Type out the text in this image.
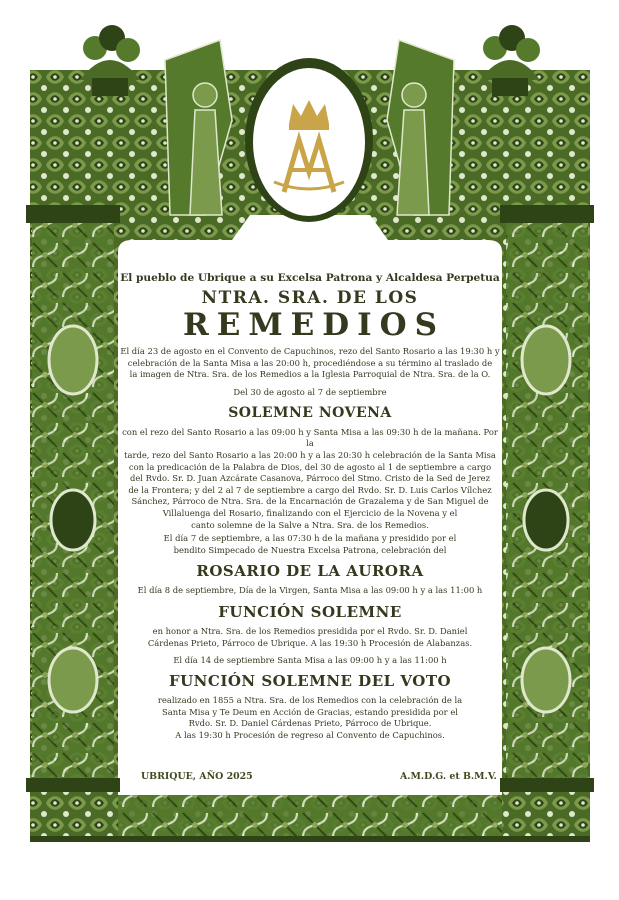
El pueblo de Ubrique a su Excelsa Patrona y Alcaldesa Perpetua
NTRA. SRA. DE LOS
REMEDIOS

El día 23 de agosto en el Convento de Capuchinos, rezo del Santo Rosario a las 19:30 h y
celebración de la Santa Misa a las 20:00 h, procediéndose a su término al traslado de
la imagen de Ntra. Sra. de los Remedios a la Iglesia Parroquial de Ntra. Sra. de la O.

Del 30 de agosto al 7 de septiembre

SOLEMNE NOVENA

con el rezo del Santo Rosario a las 09:00 h y Santa Misa a las 09:30 h de la mañana. Por la
tarde, rezo del Santo Rosario a las 20:00 h y a las 20:30 h celebración de la Santa Misa
con la predicación de la Palabra de Dios, del 30 de agosto al 1 de septiembre a cargo
del Rvdo. Sr. D. Juan Azcárate Casanova, Párroco del Stmo. Cristo de la Sed de Jerez
de la Frontera; y del 2 al 7 de septiembre a cargo del Rvdo. Sr. D. Luis Carlos Vílchez
Sánchez, Párroco de Ntra. Sra. de la Encarnación de Grazalema y de San Miguel de
Villaluenga del Rosario, finalizando con el Ejercicio de la Novena y el
canto solemne de la Salve a Ntra. Sra. de los Remedios.

El día 7 de septiembre, a las 07:30 h de la mañana y presidido por el
bendito Simpecado de Nuestra Excelsa Patrona, celebración del

ROSARIO DE LA AURORA

El día 8 de septiembre, Día de la Virgen, Santa Misa a las 09:00 h y a las 11:00 h

FUNCIÓN SOLEMNE

en honor a Ntra. Sra. de los Remedios presidida por el Rvdo. Sr. D. Daniel
Cárdenas Prieto, Párroco de Ubrique. A las 19:30 h Procesión de Alabanzas.

El día 14 de septiembre Santa Misa a las 09:00 h y a las 11:00 h

FUNCIÓN SOLEMNE DEL VOTO

realizado en 1855 a Ntra. Sra. de los Remedios con la celebración de la
Santa Misa y Te Deum en Acción de Gracias, estando presidida por el
Rvdo. Sr. D. Daniel Cárdenas Prieto, Párroco de Ubrique.
A las 19:30 h Procesión de regreso al Convento de Capuchinos.

UBRIQUE, AÑO 2025	A.M.D.G. et B.M.V.
